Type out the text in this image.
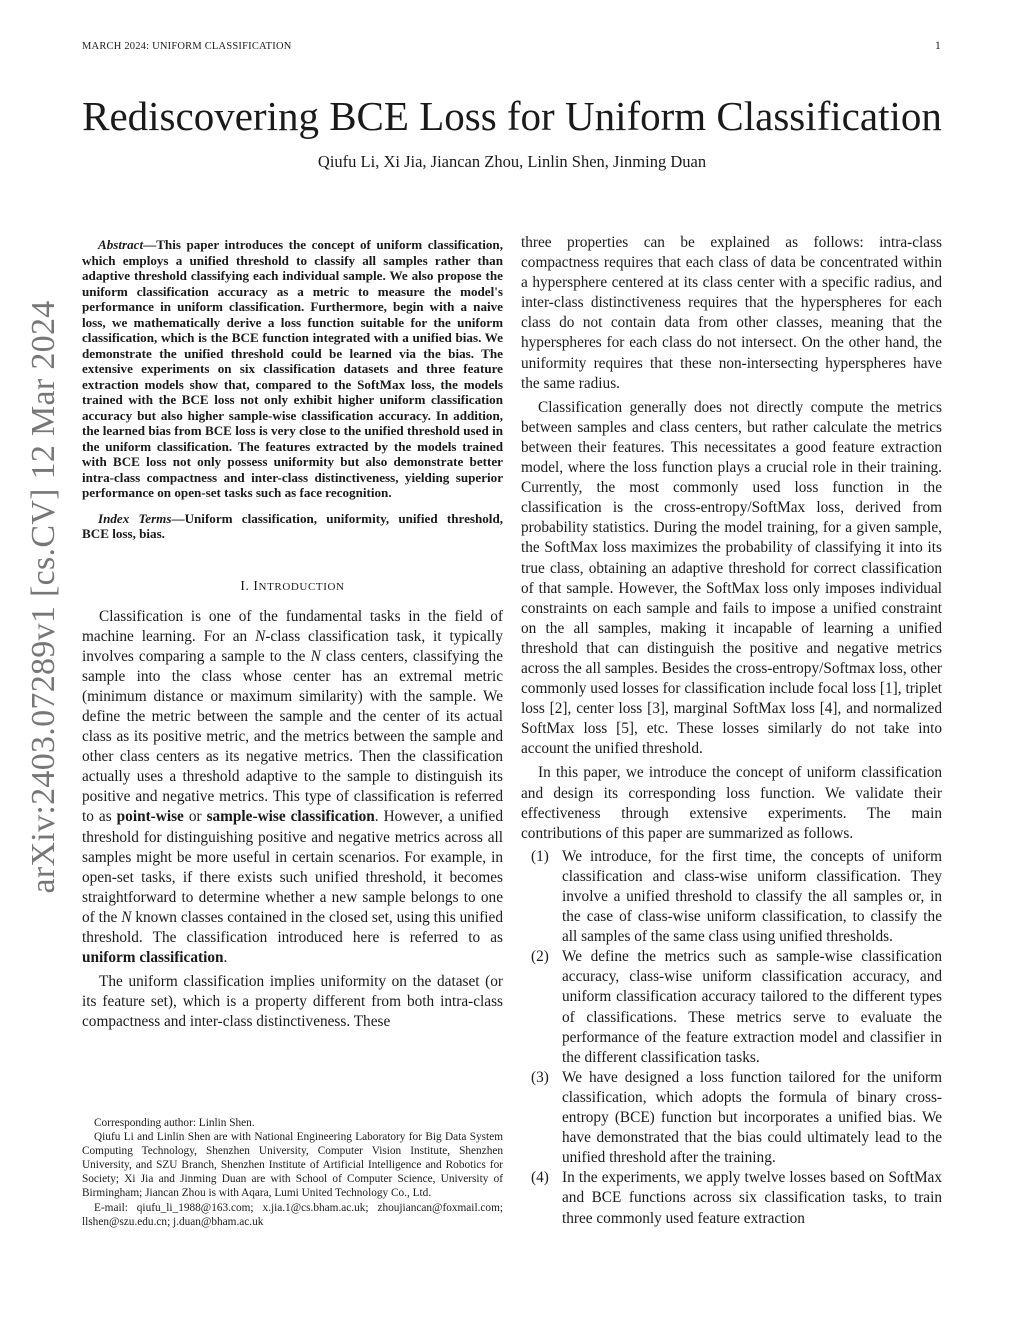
MARCH 2024: UNIFORM CLASSIFICATION	1
Rediscovering BCE Loss for Uniform Classification
Qiufu Li, Xi Jia, Jiancan Zhou, Linlin Shen, Jinming Duan
arXiv:2403.07289v1 [cs.CV] 12 Mar 2024

Abstract—This paper introduces the concept of uniform classification, which employs a unified threshold to classify all samples rather than adaptive threshold classifying each individual sample. We also propose the uniform classification accuracy as a metric to measure the model's performance in uniform classification. Furthermore, begin with a naive loss, we mathematically derive a loss function suitable for the uniform classification, which is the BCE function integrated with a unified bias. We demonstrate the unified threshold could be learned via the bias. The extensive experiments on six classification datasets and three feature extraction models show that, compared to the SoftMax loss, the models trained with the BCE loss not only exhibit higher uniform classification accuracy but also higher sample-wise classification accuracy. In addition, the learned bias from BCE loss is very close to the unified threshold used in the uniform classification. The features extracted by the models trained with BCE loss not only possess uniformity but also demonstrate better intra-class compactness and inter-class distinctiveness, yielding superior performance on open-set tasks such as face recognition.

Index Terms—Uniform classification, uniformity, unified threshold, BCE loss, bias.

I. INTRODUCTION

Classification is one of the fundamental tasks in the field of machine learning. For an N-class classification task, it typically involves comparing a sample to the N class centers, classifying the sample into the class whose center has an extremal metric (minimum distance or maximum similarity) with the sample. We define the metric between the sample and the center of its actual class as its positive metric, and the metrics between the sample and other class centers as its negative metrics. Then the classification actually uses a threshold adaptive to the sample to distinguish its positive and negative metrics. This type of classification is referred to as point-wise or sample-wise classification. However, a unified threshold for distinguishing positive and negative metrics across all samples might be more useful in certain scenarios. For example, in open-set tasks, if there exists such unified threshold, it becomes straightforward to determine whether a new sample belongs to one of the N known classes contained in the closed set, using this unified threshold. The classification introduced here is referred to as uniform classification.

The uniform classification implies uniformity on the dataset (or its feature set), which is a property different from both intra-class compactness and inter-class distinctiveness. These

Corresponding author: Linlin Shen.

Qiufu Li and Linlin Shen are with National Engineering Laboratory for Big Data System Computing Technology, Shenzhen University, Computer Vision Institute, Shenzhen University, and SZU Branch, Shenzhen Institute of Artificial Intelligence and Robotics for Society; Xi Jia and Jinming Duan are with School of Computer Science, University of Birmingham; Jiancan Zhou is with Aqara, Lumi United Technology Co., Ltd.

E-mail: qiufu_li_1988@163.com; x.jia.1@cs.bham.ac.uk; zhoujiancan@foxmail.com; llshen@szu.edu.cn; j.duan@bham.ac.uk

three properties can be explained as follows: intra-class compactness requires that each class of data be concentrated within a hypersphere centered at its class center with a specific radius, and inter-class distinctiveness requires that the hyperspheres for each class do not contain data from other classes, meaning that the hyperspheres for each class do not intersect. On the other hand, the uniformity requires that these non-intersecting hyperspheres have the same radius.

Classification generally does not directly compute the metrics between samples and class centers, but rather calculate the metrics between their features. This necessitates a good feature extraction model, where the loss function plays a crucial role in their training. Currently, the most commonly used loss function in the classification is the cross-entropy/SoftMax loss, derived from probability statistics. During the model training, for a given sample, the SoftMax loss maximizes the probability of classifying it into its true class, obtaining an adaptive threshold for correct classification of that sample. However, the SoftMax loss only imposes individual constraints on each sample and fails to impose a unified constraint on the all samples, making it incapable of learning a unified threshold that can distinguish the positive and negative metrics across the all samples. Besides the cross-entropy/Softmax loss, other commonly used losses for classification include focal loss [1], triplet loss [2], center loss [3], marginal SoftMax loss [4], and normalized SoftMax loss [5], etc. These losses similarly do not take into account the unified threshold.

In this paper, we introduce the concept of uniform classification and design its corresponding loss function. We validate their effectiveness through extensive experiments. The main contributions of this paper are summarized as follows.

(1) We introduce, for the first time, the concepts of uniform classification and class-wise uniform classification. They involve a unified threshold to classify the all samples or, in the case of class-wise uniform classification, to classify the all samples of the same class using unified thresholds.
(2) We define the metrics such as sample-wise classification accuracy, class-wise uniform classification accuracy, and uniform classification accuracy tailored to the different types of classifications. These metrics serve to evaluate the performance of the feature extraction model and classifier in the different classification tasks.
(3) We have designed a loss function tailored for the uniform classification, which adopts the formula of binary cross-entropy (BCE) function but incorporates a unified bias. We have demonstrated that the bias could ultimately lead to the unified threshold after the training.
(4) In the experiments, we apply twelve losses based on SoftMax and BCE functions across six classification tasks, to train three commonly used feature extraction
